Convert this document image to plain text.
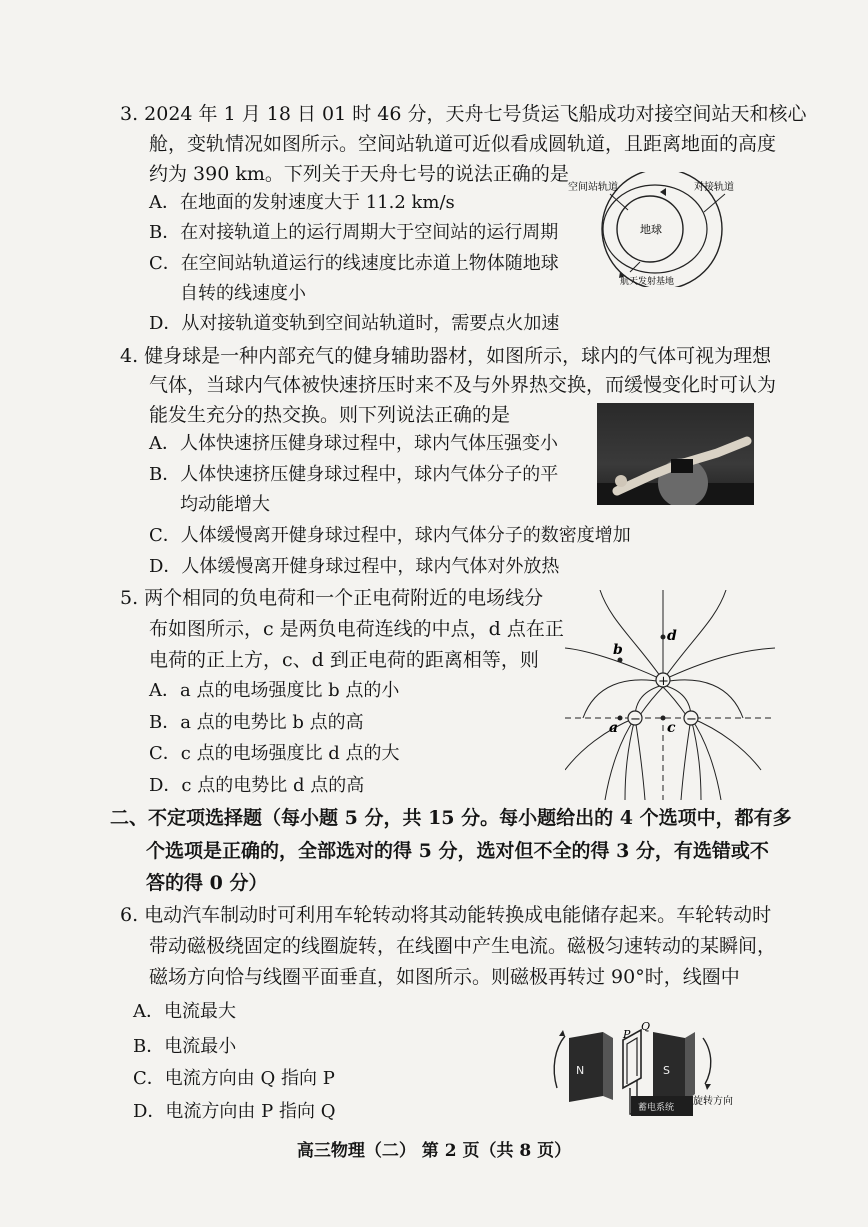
3. 2024 年 1 月 18 日 01 时 46 分，天舟七号货运飞船成功对接空间站天和核心
舱，变轨情况如图所示。空间站轨道可近似看成圆轨道，且距离地面的高度
约为 390 km。下列关于天舟七号的说法正确的是
A．在地面的发射速度大于 11.2 km/s
B．在对接轨道上的运行周期大于空间站的运行周期
C．在空间站轨道运行的线速度比赤道上物体随地球
自转的线速度小
D．从对接轨道变轨到空间站轨道时，需要点火加速
空间站轨道	对接轨道
地球
航天发射基地
4. 健身球是一种内部充气的健身辅助器材，如图所示，球内的气体可视为理想
气体，当球内气体被快速挤压时来不及与外界热交换，而缓慢变化时可认为
能发生充分的热交换。则下列说法正确的是
A．人体快速挤压健身球过程中，球内气体压强变小
B．人体快速挤压健身球过程中，球内气体分子的平
均动能增大
C．人体缓慢离开健身球过程中，球内气体分子的数密度增加
D．人体缓慢离开健身球过程中，球内气体对外放热
5. 两个相同的负电荷和一个正电荷附近的电场线分
布如图所示，c 是两负电荷连线的中点，d 点在正
电荷的正上方，c、d 到正电荷的距离相等，则
A．a 点的电场强度比 b 点的小
B．a 点的电势比 b 点的高
C．c 点的电场强度比 d 点的大
D．c 点的电势比 d 点的高
+
−	−
d
b
a	c
二、不定项选择题（每小题 5 分，共 15 分。每小题给出的 4 个选项中，都有多
个选项是正确的，全部选对的得 5 分，选对但不全的得 3 分，有选错或不
答的得 0 分）
6. 电动汽车制动时可利用车轮转动将其动能转换成电能储存起来。车轮转动时
带动磁极绕固定的线圈旋转，在线圈中产生电流。磁极匀速转动的某瞬间，
磁场方向恰与线圈平面垂直，如图所示。则磁极再转过 90°时，线圈中
A．电流最大
B．电流最小
C．电流方向由 Q 指向 P
D．电流方向由 P 指向 Q
N	S
蓄电系统
P
Q
旋转方向
高三物理（二） 第 2 页（共 8 页）
